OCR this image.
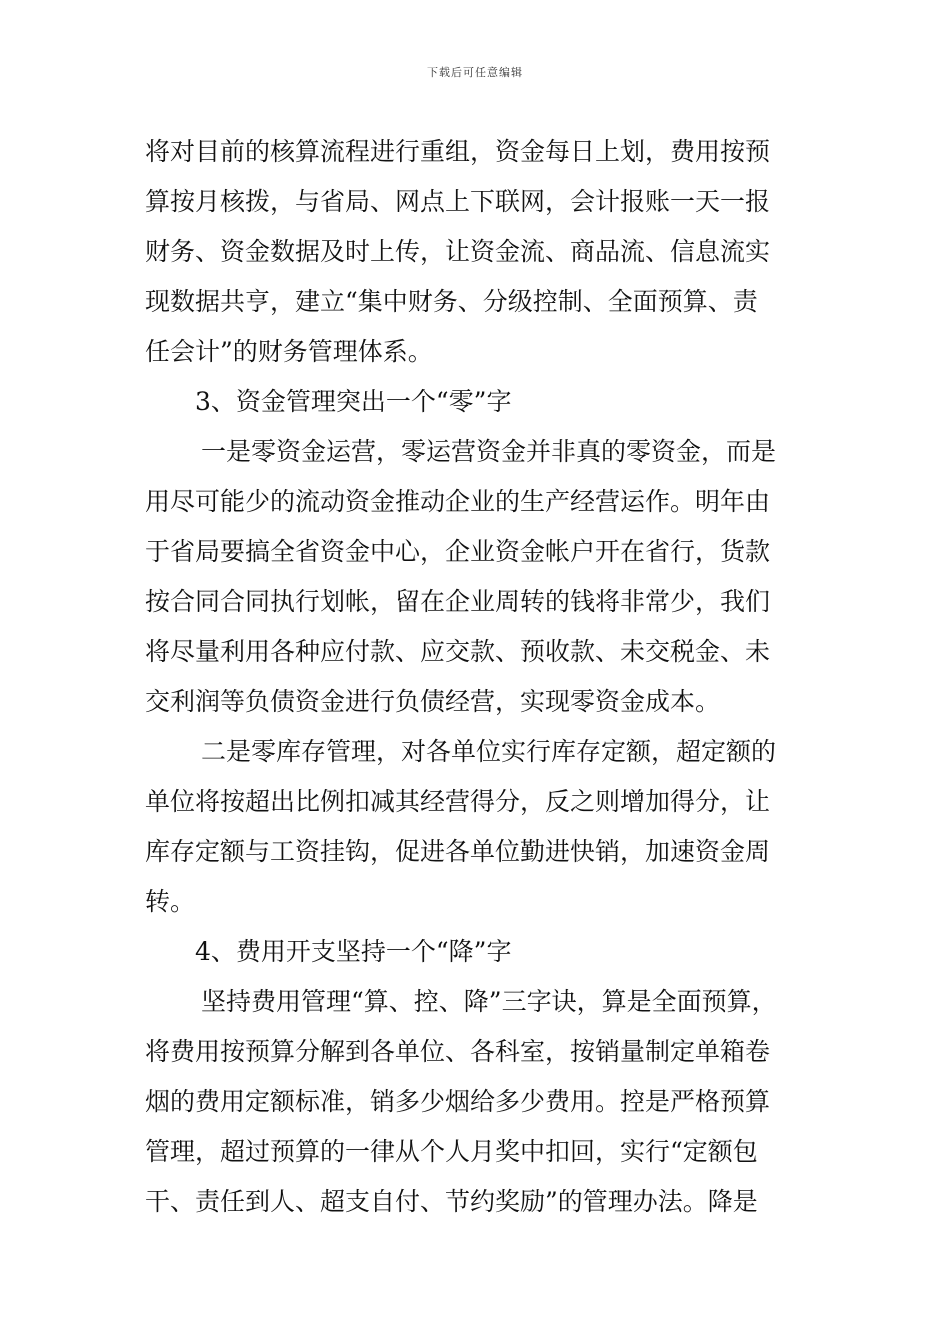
下载后可任意编辑
将对目前的核算流程进行重组，资金每日上划，费用按预
算按月核拨，与省局、网点上下联网，会计报账一天一报
财务、资金数据及时上传，让资金流、商品流、信息流实
现数据共亨，建立“集中财务、分级控制、全面预算、责
任会计”的财务管理体系。
3、资金管理突出一个“零”字
一是零资金运营，零运营资金并非真的零资金，而是
用尽可能少的流动资金推动企业的生产经营运作。明年由
于省局要搞全省资金中心，企业资金帐户开在省行，货款
按合同合同执行划帐，留在企业周转的钱将非常少，我们
将尽量利用各种应付款、应交款、预收款、未交税金、未
交利润等负债资金进行负债经营，实现零资金成本。
二是零库存管理，对各单位实行库存定额，超定额的
单位将按超出比例扣减其经营得分，反之则增加得分，让
库存定额与工资挂钩，促进各单位勤进快销，加速资金周
转。
4、费用开支坚持一个“降”字
坚持费用管理“算、控、降”三字诀，算是全面预算，
将费用按预算分解到各单位、各科室，按销量制定单箱卷
烟的费用定额标准，销多少烟给多少费用。控是严格预算
管理，超过预算的一律从个人月奖中扣回，实行“定额包
干、责任到人、超支自付、节约奖励”的管理办法。降是
